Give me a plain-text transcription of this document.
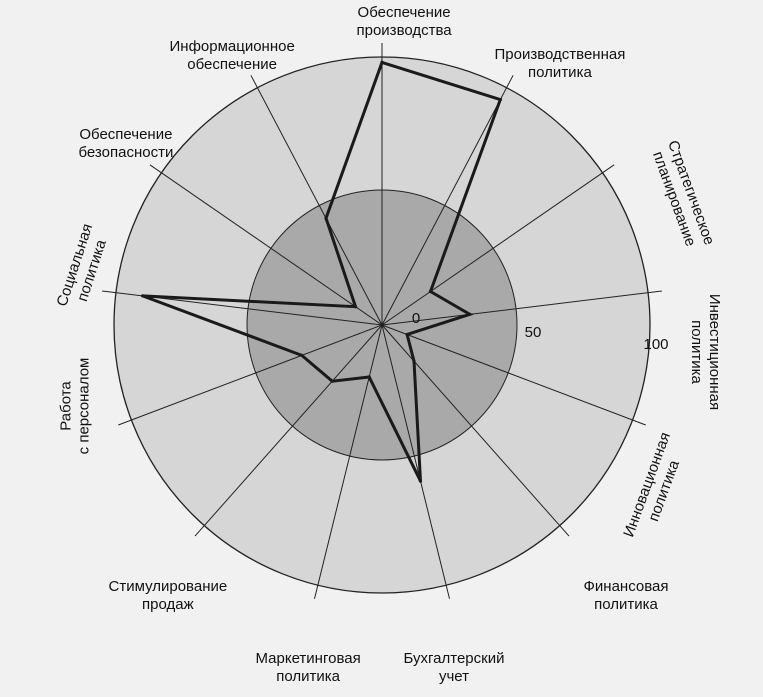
0
50
100
Обеспечение
производства
Производственная
политика
Стратегическое
планирование
Инвестиционная
политика
Инновационная
политика
Финансовая
политика
Бухгалтерский
учет
Маркетинговая
политика
Стимулирование
продаж
Работа
с персоналом
Социальная
политика
Обеспечение
безопасности
Информационное
обеспечение
